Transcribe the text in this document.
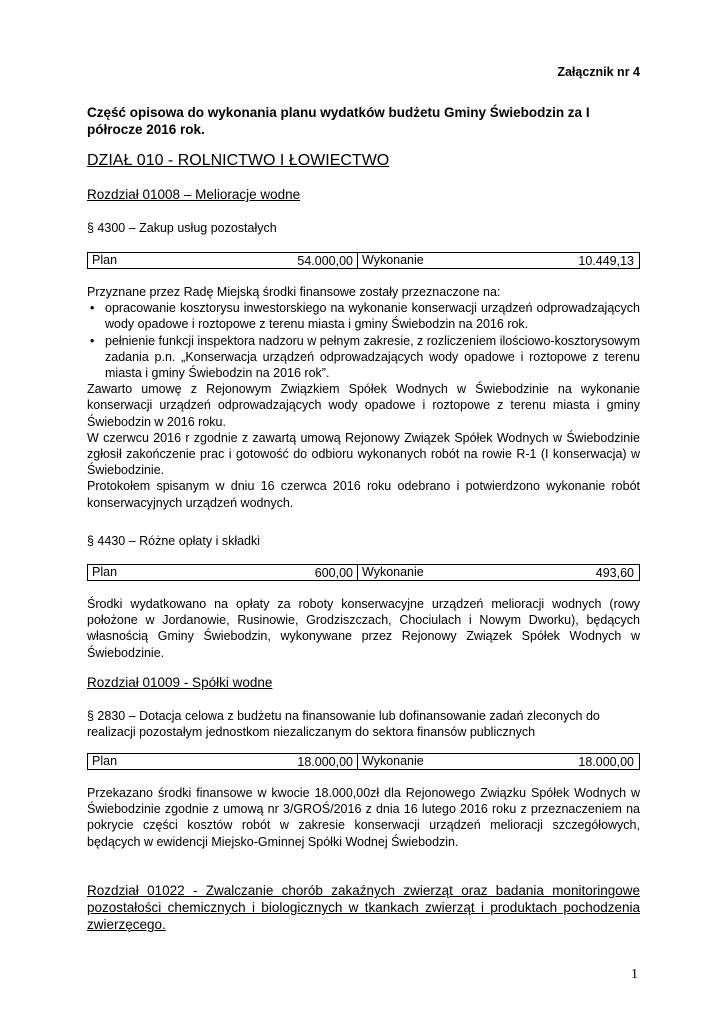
Załącznik nr 4
Część opisowa do wykonania planu wydatków budżetu Gminy Świebodzin za I półrocze 2016 rok.
DZIAŁ 010 - ROLNICTWO I ŁOWIECTWO
Rozdział 01008 – Melioracje wodne
§ 4300 – Zakup usług pozostałych
Plan	Wykonanie
54.000,00	10.449,13

Przyznane przez Radę Miejską środki finansowe zostały przeznaczone na:

• opracowanie kosztorysu inwestorskiego na wykonanie konserwacji urządzeń odprowadzających wody opadowe i roztopowe z terenu miasta i gminy Świebodzin na 2016 rok.
• pełnienie funkcji inspektora nadzoru w pełnym zakresie, z rozliczeniem ilościowo-kosztorysowym zadania p.n. „Konserwacja urządzeń odprowadzających wody opadowe i roztopowe z terenu miasta i gminy Świebodzin na 2016 rok”.

Zawarto umowę z Rejonowym Związkiem Spółek Wodnych w Świebodzinie na wykonanie konserwacji urządzeń odprowadzających wody opadowe i roztopowe z terenu miasta i gminy Świebodzin w 2016 roku.

W czerwcu 2016 r zgodnie z zawartą umową Rejonowy Związek Spółek Wodnych w Świebodzinie zgłosił zakończenie prac i gotowość do odbioru wykonanych robót na rowie R-1 (I konserwacja) w Świebodzinie.

Protokołem spisanym w dniu 16 czerwca 2016 roku odebrano i potwierdzono wykonanie robót konserwacyjnych urządzeń wodnych.

§ 4430 – Różne opłaty i składki
Plan	Wykonanie
600,00	493,60

Środki wydatkowano na opłaty za roboty konserwacyjne urządzeń melioracji wodnych (rowy położone w Jordanowie, Rusinowie, Grodziszczach, Chociulach i Nowym Dworku), będących własnością Gminy Świebodzin, wykonywane przez Rejonowy Związek Spółek Wodnych w Świebodzinie.

Rozdział 01009 - Spółki wodne

§ 2830 – Dotacja celowa z budżetu na finansowanie lub dofinansowanie zadań zleconych do realizacji pozostałym jednostkom niezaliczanym do sektora finansów publicznych

Plan	Wykonanie
18.000,00	18.000,00

Przekazano środki finansowe w kwocie 18.000,00zł dla Rejonowego Związku Spółek Wodnych w Świebodzinie zgodnie z umową nr 3/GROŚ/2016 z dnia 16 lutego 2016 roku z przeznaczeniem na pokrycie części kosztów robót w zakresie konserwacji urządzeń melioracji szczegółowych, będących w ewidencji Miejsko-Gminnej Spółki Wodnej Świebodzin.

Rozdział 01022 - Zwalczanie chorób zakaźnych zwierząt oraz badania monitoringowe pozostałości chemicznych i biologicznych w tkankach zwierząt i produktach pochodzenia zwierzęcego.
1
